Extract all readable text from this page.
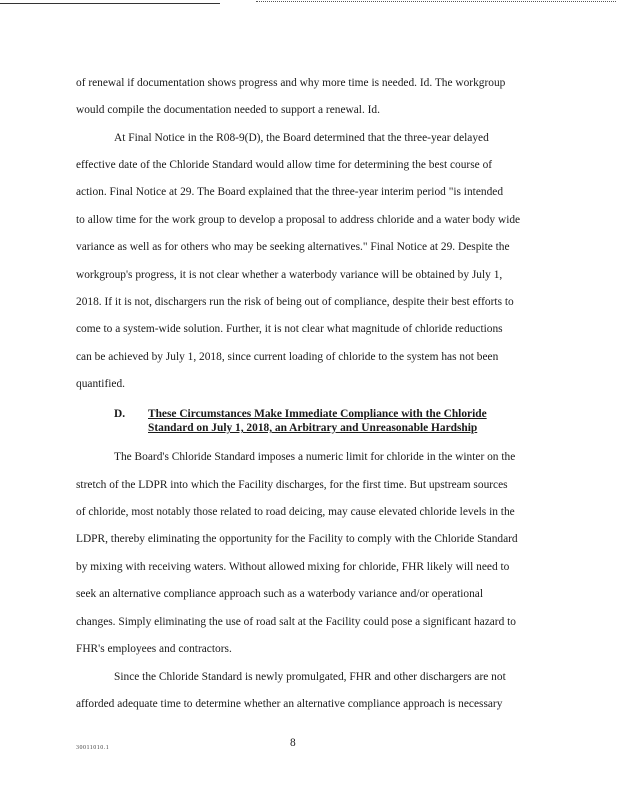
of renewal if documentation shows progress and why more time is needed. Id. The workgroup
would compile the documentation needed to support a renewal. Id.
At Final Notice in the R08-9(D), the Board determined that the three-year delayed
effective date of the Chloride Standard would allow time for determining the best course of
action. Final Notice at 29. The Board explained that the three-year interim period "is intended
to allow time for the work group to develop a proposal to address chloride and a water body wide
variance as well as for others who may be seeking alternatives." Final Notice at 29. Despite the
workgroup's progress, it is not clear whether a waterbody variance will be obtained by July 1,
2018. If it is not, dischargers run the risk of being out of compliance, despite their best efforts to
come to a system-wide solution. Further, it is not clear what magnitude of chloride reductions
can be achieved by July 1, 2018, since current loading of chloride to the system has not been
quantified.
D. These Circumstances Make Immediate Compliance with the Chloride
Standard on July 1, 2018, an Arbitrary and Unreasonable Hardship
The Board's Chloride Standard imposes a numeric limit for chloride in the winter on the
stretch of the LDPR into which the Facility discharges, for the first time. But upstream sources
of chloride, most notably those related to road deicing, may cause elevated chloride levels in the
LDPR, thereby eliminating the opportunity for the Facility to comply with the Chloride Standard
by mixing with receiving waters. Without allowed mixing for chloride, FHR likely will need to
seek an alternative compliance approach such as a waterbody variance and/or operational
changes. Simply eliminating the use of road salt at the Facility could pose a significant hazard to
FHR's employees and contractors.
Since the Chloride Standard is newly promulgated, FHR and other dischargers are not
afforded adequate time to determine whether an alternative compliance approach is necessary
30011010.1	8
